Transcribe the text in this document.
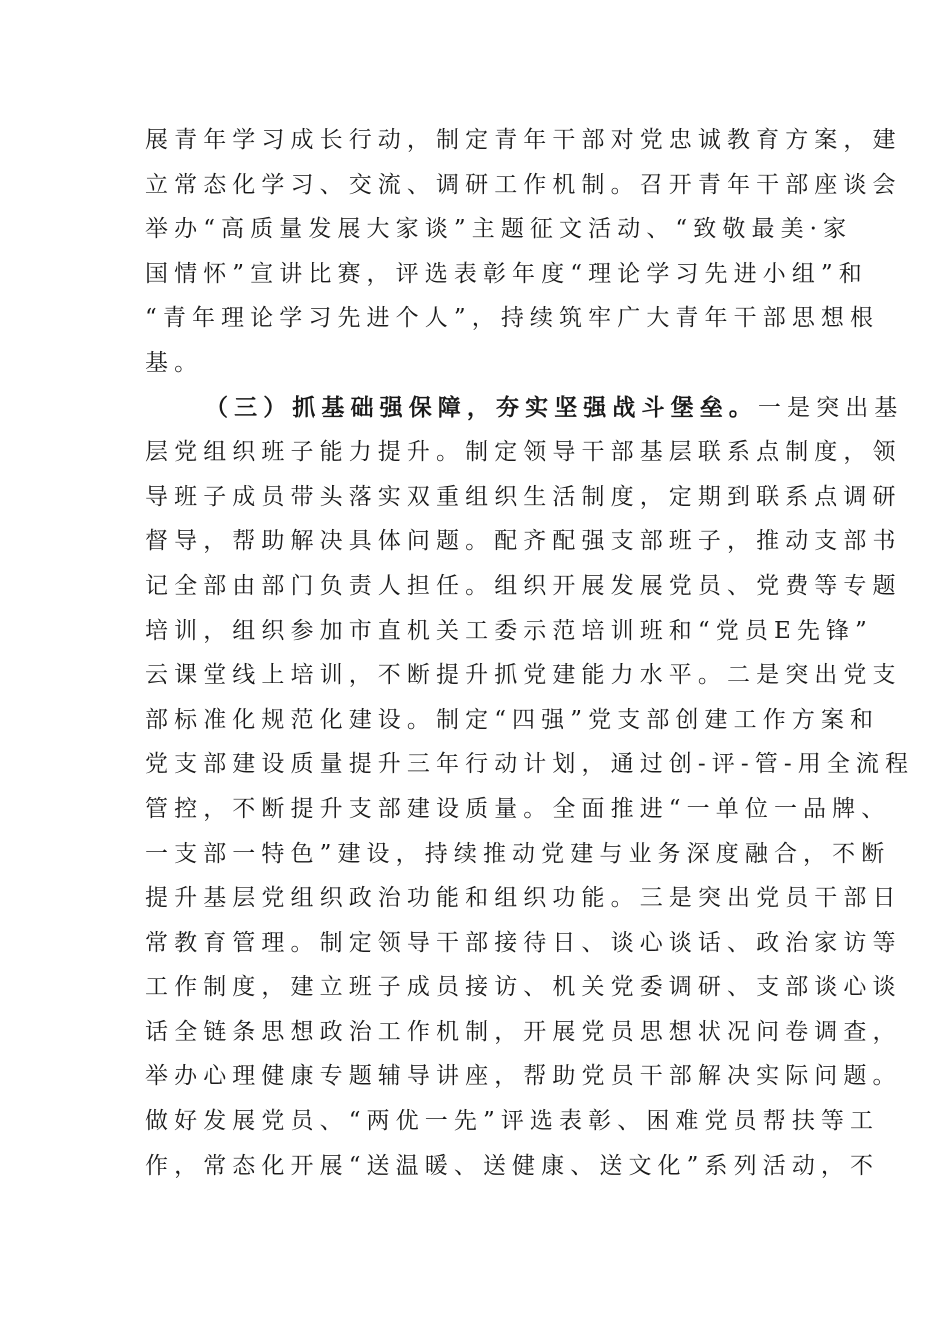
展青年学习成长行动，制定青年干部对党忠诚教育方案，建
立常态化学习、交流、调研工作机制。召开青年干部座谈会
举办“高质量发展大家谈”主题征文活动、“致敬最美·家
国情怀”宣讲比赛，评选表彰年度“理论学习先进小组”和
“青年理论学习先进个人”，持续筑牢广大青年干部思想根
基。
（三）抓基础强保障，夯实坚强战斗堡垒。一是突出基
层党组织班子能力提升。制定领导干部基层联系点制度，领
导班子成员带头落实双重组织生活制度，定期到联系点调研
督导，帮助解决具体问题。配齐配强支部班子，推动支部书
记全部由部门负责人担任。组织开展发展党员、党费等专题
培训，组织参加市直机关工委示范培训班和“党员E先锋”
云课堂线上培训，不断提升抓党建能力水平。二是突出党支
部标准化规范化建设。制定“四强”党支部创建工作方案和
党支部建设质量提升三年行动计划，通过创-评-管-用全流程
管控，不断提升支部建设质量。全面推进“一单位一品牌、
一支部一特色”建设，持续推动党建与业务深度融合，不断
提升基层党组织政治功能和组织功能。三是突出党员干部日
常教育管理。制定领导干部接待日、谈心谈话、政治家访等
工作制度，建立班子成员接访、机关党委调研、支部谈心谈
话全链条思想政治工作机制，开展党员思想状况问卷调查，
举办心理健康专题辅导讲座，帮助党员干部解决实际问题。
做好发展党员、“两优一先”评选表彰、困难党员帮扶等工
作，常态化开展“送温暖、送健康、送文化”系列活动，不
